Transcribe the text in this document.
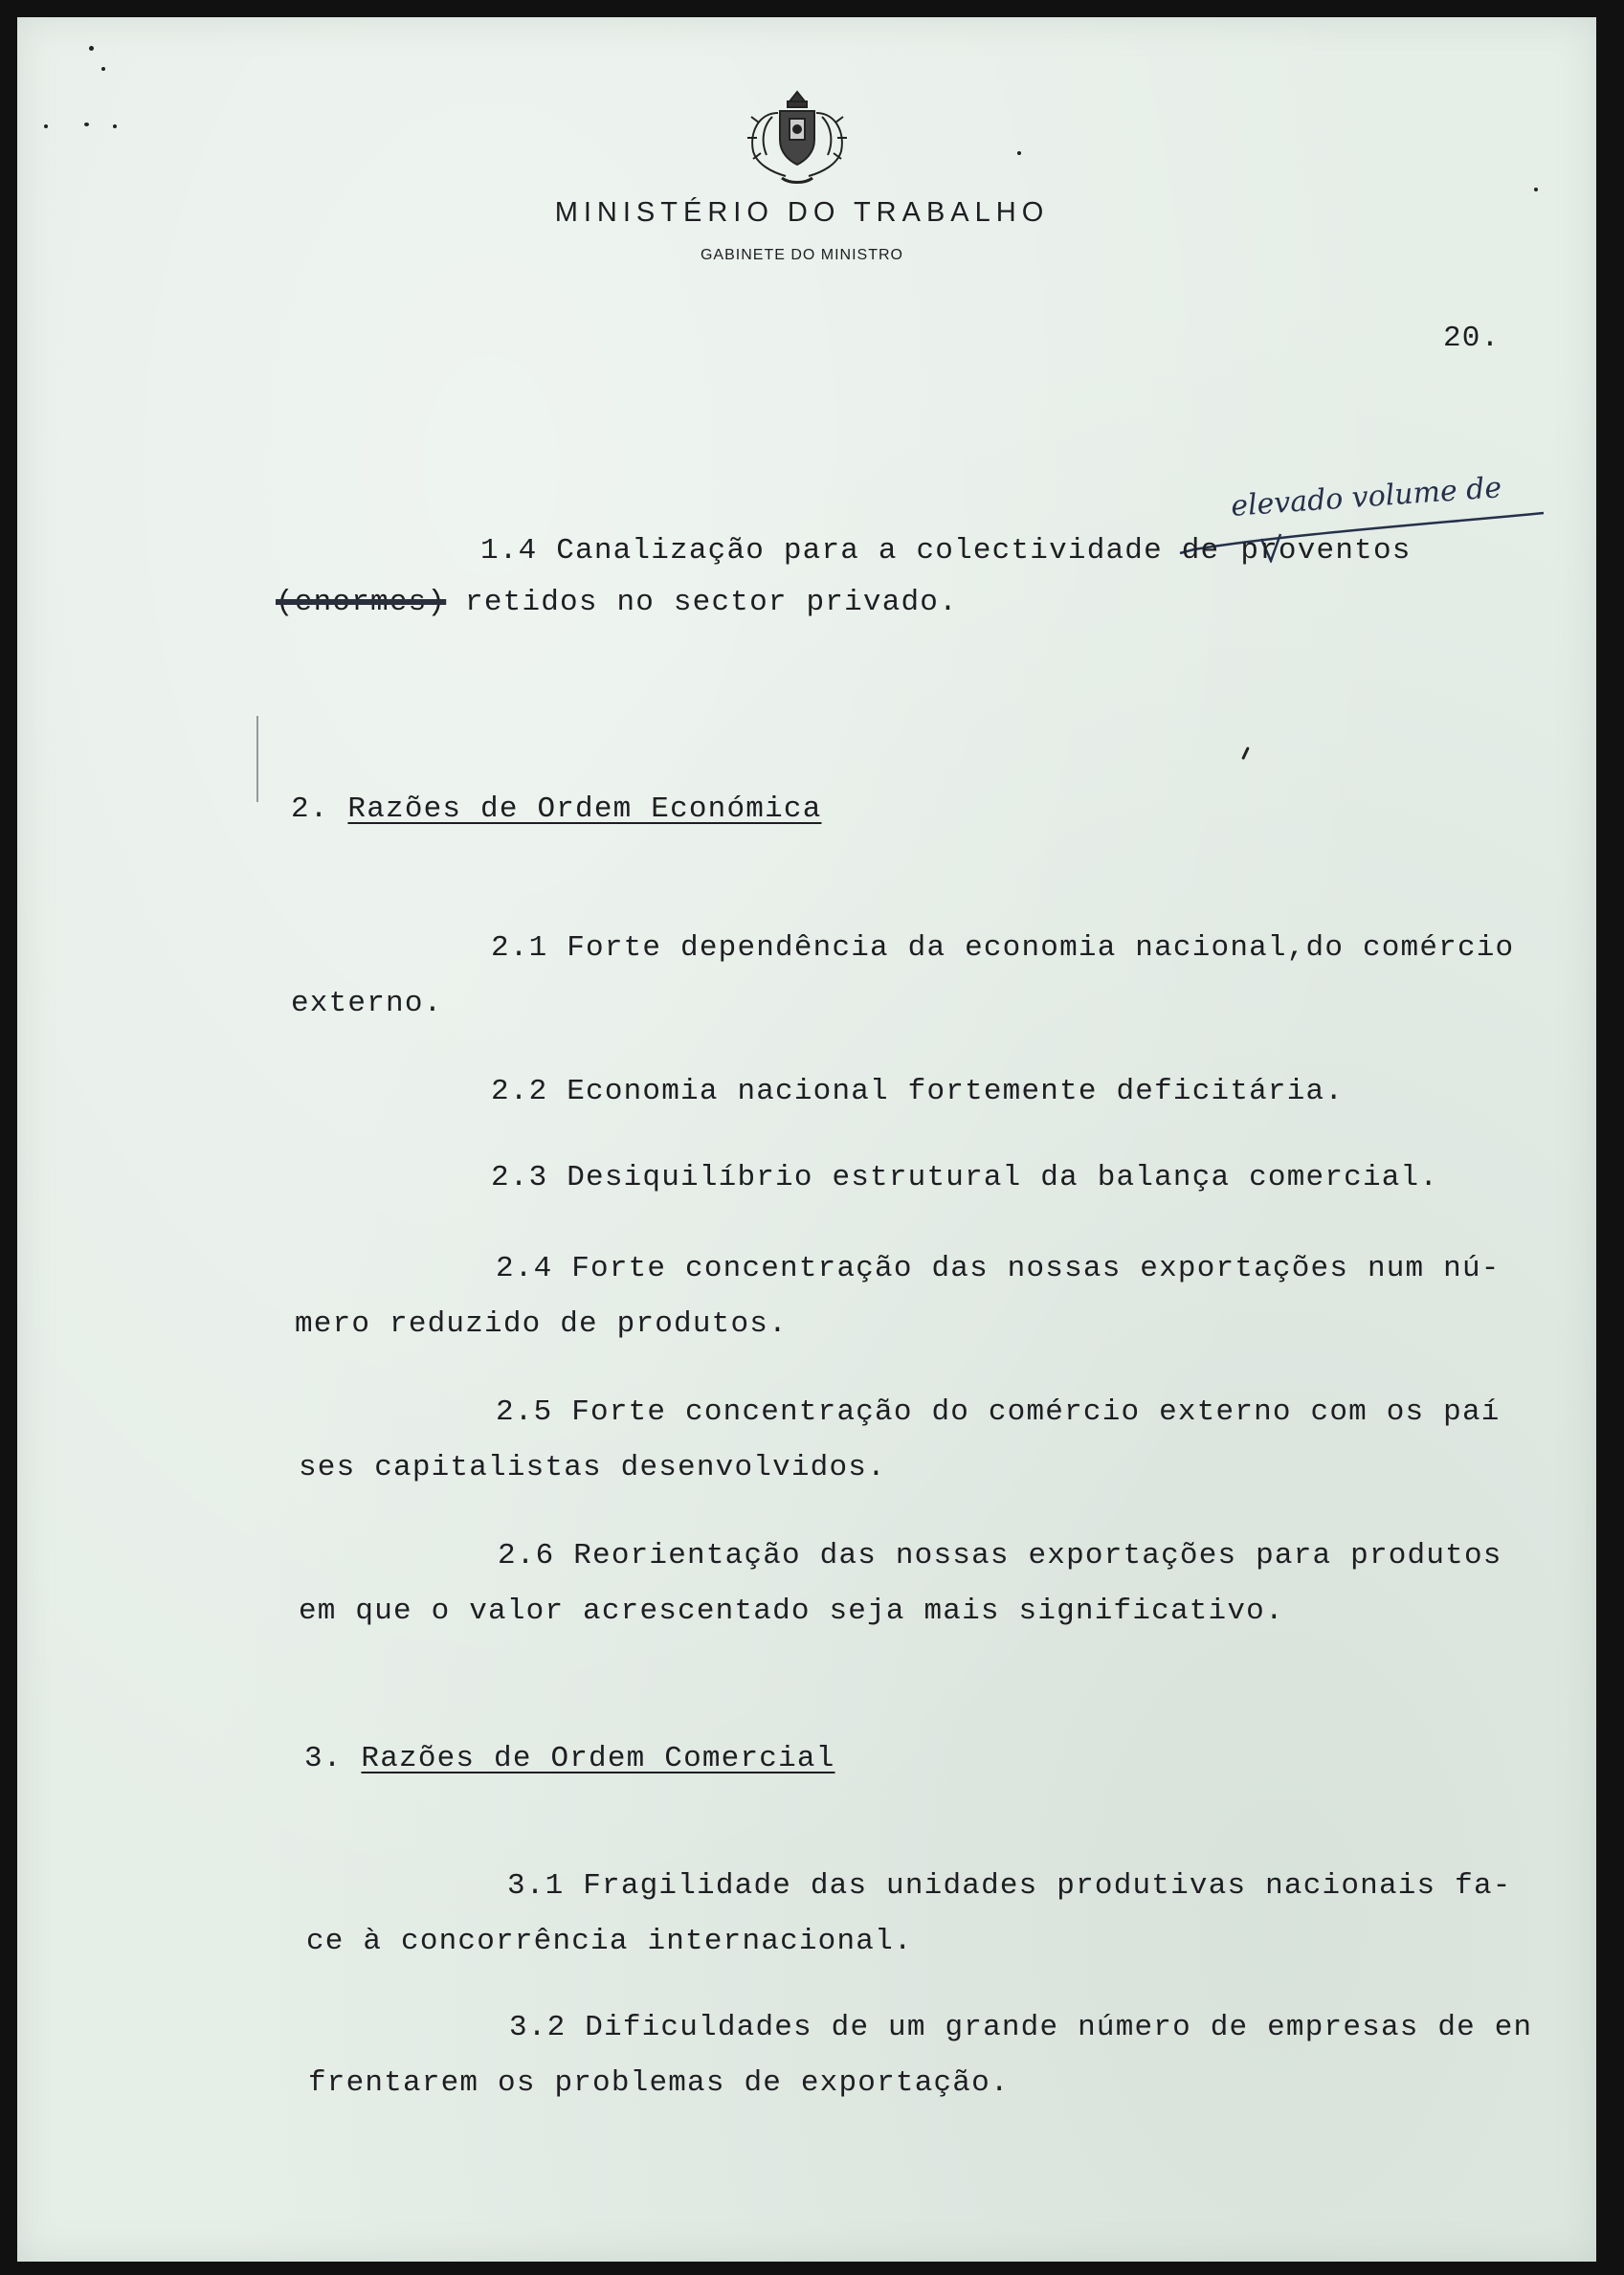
MINISTÉRIO DO TRABALHO
GABINETE DO MINISTRO
20.
elevado volume de
1.4 Canalização para a colectividade de proventos
(enormes) retidos no sector privado.
2. Razões de Ordem Económica
2.1 Forte dependência da economia nacional,do comércio
externo.
2.2 Economia nacional fortemente deficitária.
2.3 Desiquilíbrio estrutural da balança comercial.
2.4 Forte concentração das nossas exportações num nú-
mero reduzido de produtos.
2.5 Forte concentração do comércio externo com os paí
ses capitalistas desenvolvidos.
2.6 Reorientação das nossas exportações para produtos
em que o valor acrescentado seja mais significativo.
3. Razões de Ordem Comercial
3.1 Fragilidade das unidades produtivas nacionais fa-
ce à concorrência internacional.
3.2 Dificuldades de um grande número de empresas de en
frentarem os problemas de exportação.
